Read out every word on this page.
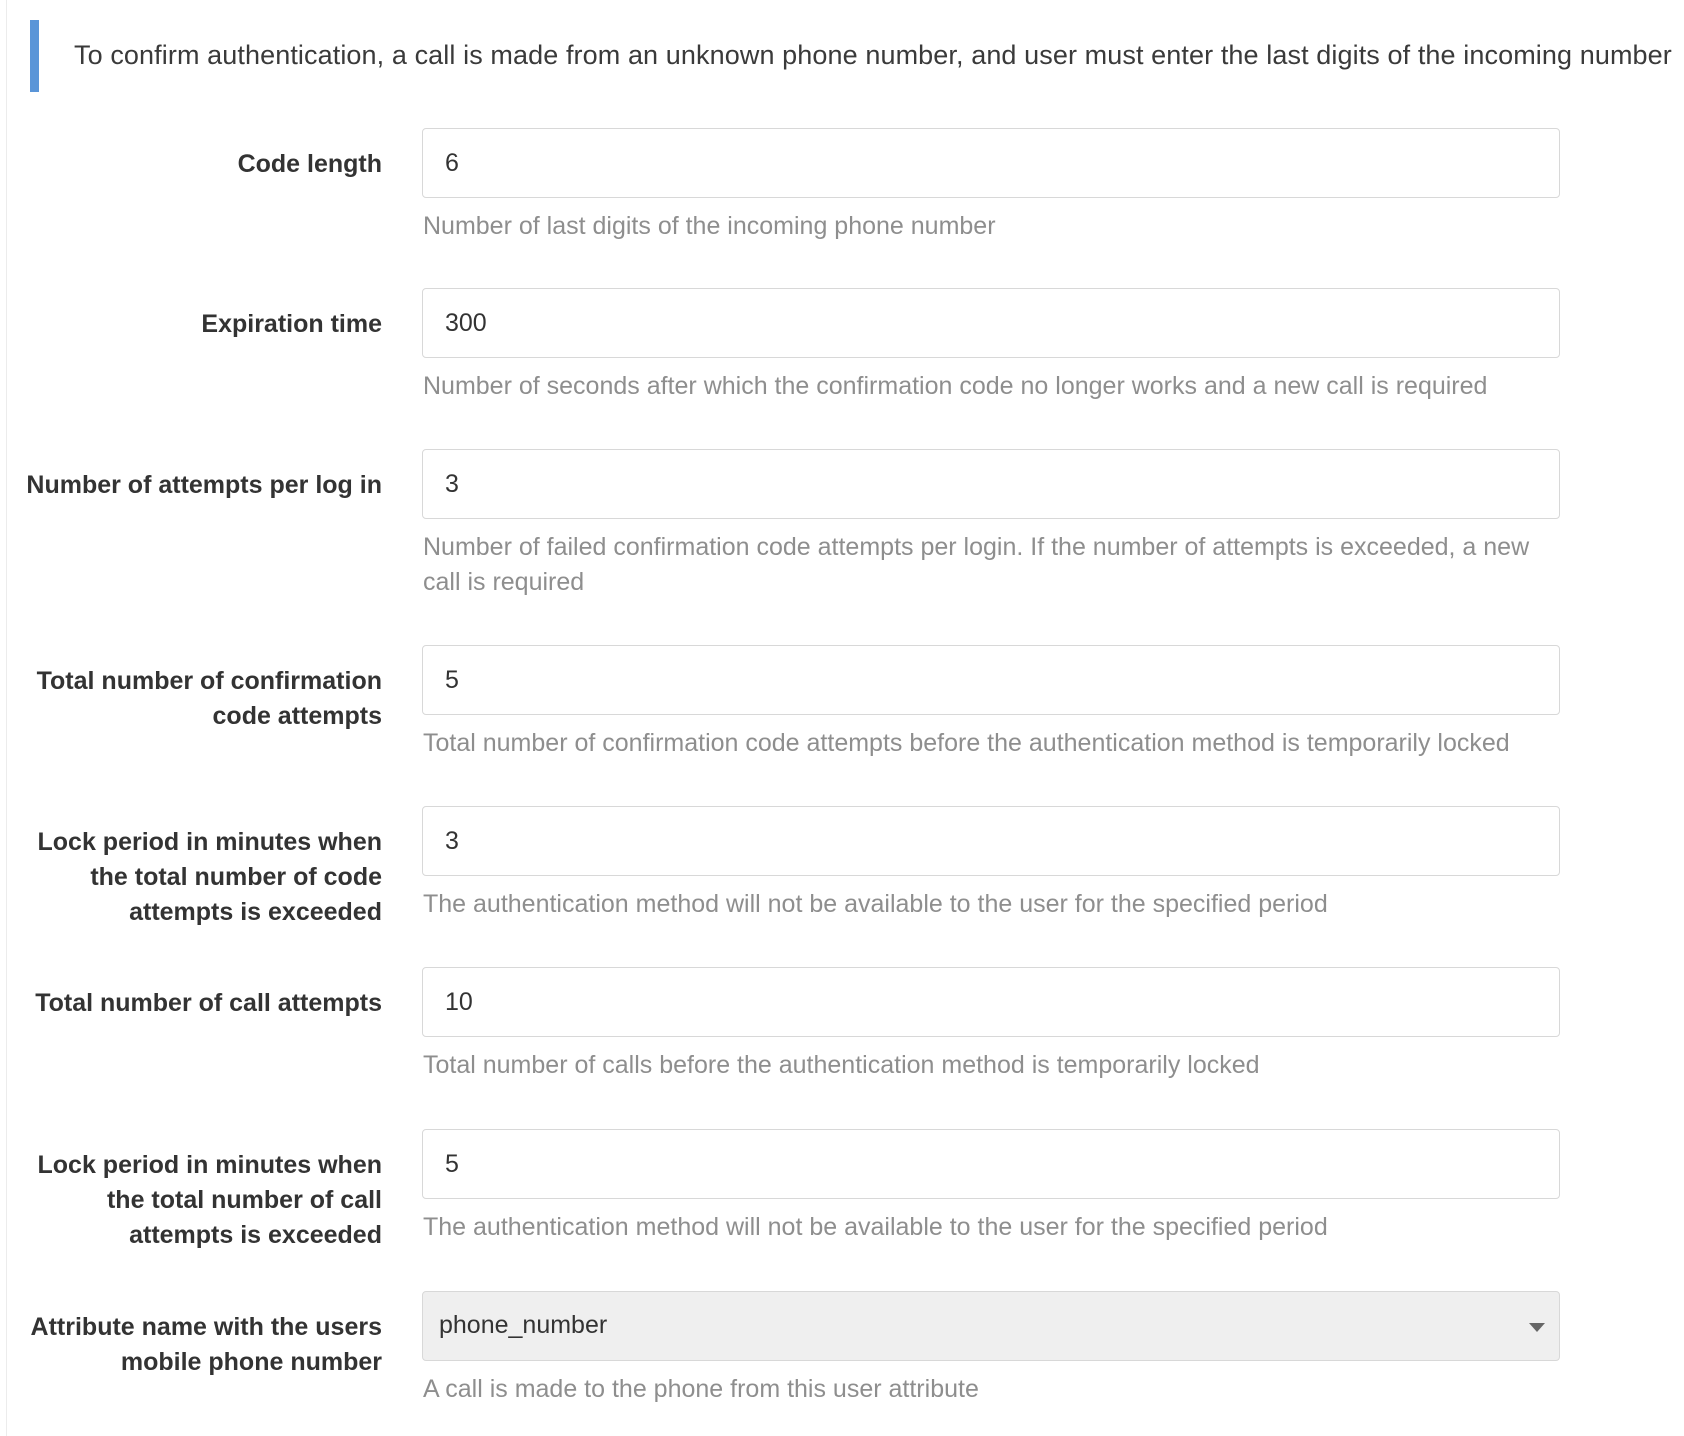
To confirm authentication, a call is made from an unknown phone number, and user must enter the last digits of the incoming number
Code length
6
Number of last digits of the incoming phone number
Expiration time
300
Number of seconds after which the confirmation code no longer works and a new call is required
Number of attempts per log in
3
Number of failed confirmation code attempts per login. If the number of attempts is exceeded, a new call is required
Total number of confirmation code attempts
5
Total number of confirmation code attempts before the authentication method is temporarily locked
Lock period in minutes when the total number of code attempts is exceeded
3 The authentication method will not be available to the user for the specified period
Total number of call attempts
10
Total number of calls before the authentication method is temporarily locked
Lock period in minutes when the total number of call attempts is exceeded
5 The authentication method will not be available to the user for the specified period
Attribute name with the users mobile phone number
phone_number
A call is made to the phone from this user attribute
